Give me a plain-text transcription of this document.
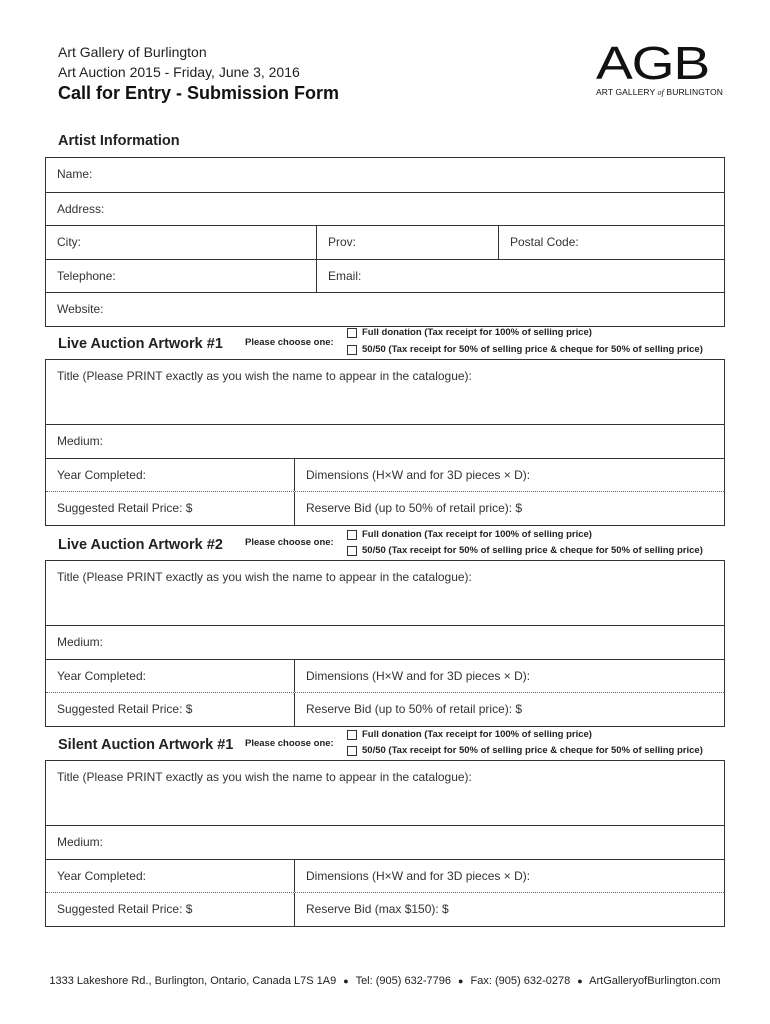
Art Gallery of Burlington
Art Auction 2015 - Friday, June 3, 2016
Call for Entry - Submission Form
AGB
ART GALLERY of BURLINGTON
Artist Information
Name:
Address:
City:	Prov:	Postal Code:
Telephone:	Email:
Website:
Live Auction Artwork #1 Please choose one:
Full donation (Tax receipt for 100% of selling price)
50/50 (Tax receipt for 50% of selling price & cheque for 50% of selling price)
Title (Please PRINT exactly as you wish the name to appear in the catalogue):
Medium:
Year Completed:	Dimensions (H×W and for 3D pieces × D):
Suggested Retail Price: $	Reserve Bid (up to 50% of retail price): $
Live Auction Artwork #2 Please choose one:
Full donation (Tax receipt for 100% of selling price)
50/50 (Tax receipt for 50% of selling price & cheque for 50% of selling price)
Title (Please PRINT exactly as you wish the name to appear in the catalogue):
Medium:
Year Completed:	Dimensions (H×W and for 3D pieces × D):
Suggested Retail Price: $	Reserve Bid (up to 50% of retail price): $
Silent Auction Artwork #1 Please choose one:
Full donation (Tax receipt for 100% of selling price)
50/50 (Tax receipt for 50% of selling price & cheque for 50% of selling price)
Title (Please PRINT exactly as you wish the name to appear in the catalogue):
Medium:
Year Completed:	Dimensions (H×W and for 3D pieces × D):
Suggested Retail Price: $	Reserve Bid (max $150): $
1333 Lakeshore Rd., Burlington, Ontario, Canada L7S 1A9 ● Tel: (905) 632-7796 ● Fax: (905) 632-0278 ● ArtGalleryofBurlington.com
